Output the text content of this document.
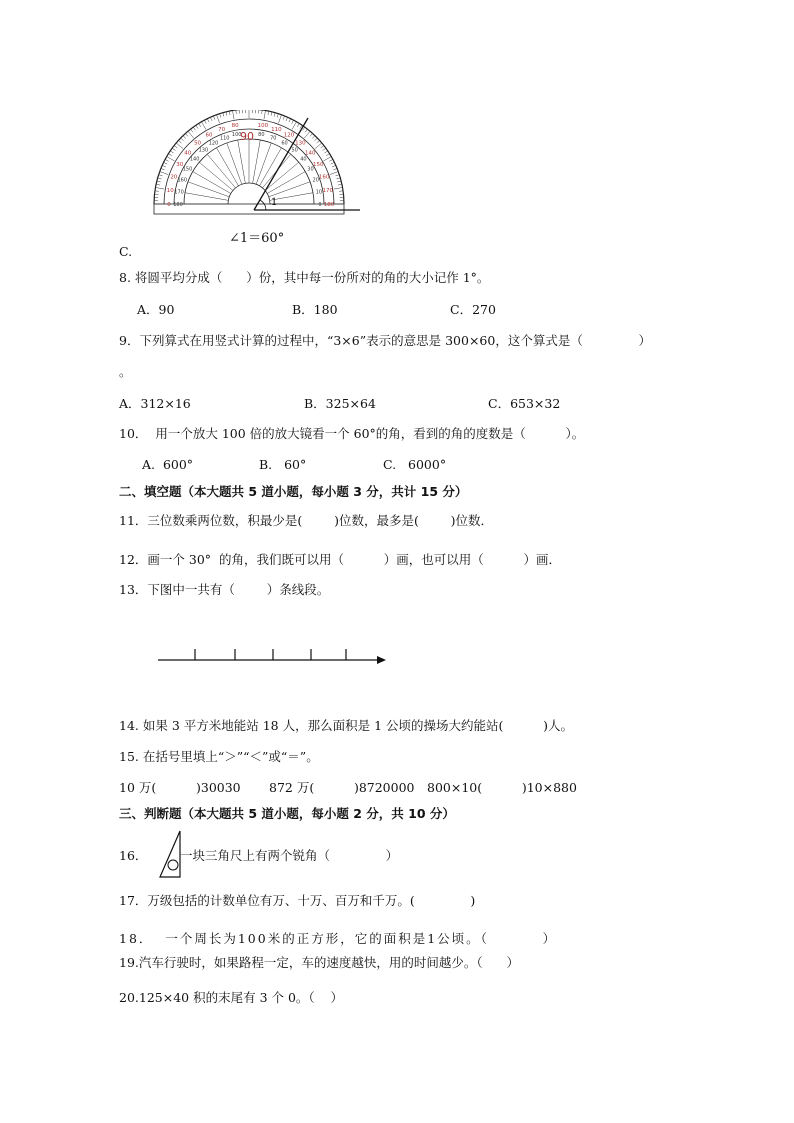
180
0
170
10
160
20
150
30
140
40
130
50
120
60
110
70
100
80
80
100
70
110
60
120
50
130
40
140
30
150
20
160
10 170
0 180
90
1
∠1＝60°
C.
8. 将圆平均分成（      ）份，其中每一份所对的角的大小记作 1°。
A．90	B．180	C．270
9．下列算式在用竖式计算的过程中，“3×6”表示的意思是 300×60，这个算式是（              ）
。
A．312×16	B．325×64	C．653×32
10．  用一个放大 100 倍的放大镜看一个 60°的角，看到的角的度数是（          ）。
A.  600°	B.   60°	C.   6000°
二、填空题（本大题共 5 道小题，每小题 3 分，共计 15 分）
11．三位数乘两位数，积最少是(        )位数，最多是(        )位数．
12．画一个 30°  的角，我们既可以用（          ）画，也可以用（          ）画．
13．下图中一共有（        ）条线段。
14. 如果 3 平方米地能站 18 人，那么面积是 1 公顷的操场大约能站(          )人。
15. 在括号里填上“＞”“＜”或“＝”。
10 万(          )30030 872 万(          )8720000 800×10(          )10×880
三、判断题（本大题共 5 道小题，每小题 2 分，共 10 分）
16．	一块三角尺上有两个锐角（              ）
17．万级包括的计数单位有万、十万、百万和千万。(              )
18．  一个周长为100米的正方形，它的面积是1公顷。（         ）
19.汽车行驶时，如果路程一定，车的速度越快，用的时间越少。（      ）
20.125×40 积的末尾有 3 个 0。（    ）
